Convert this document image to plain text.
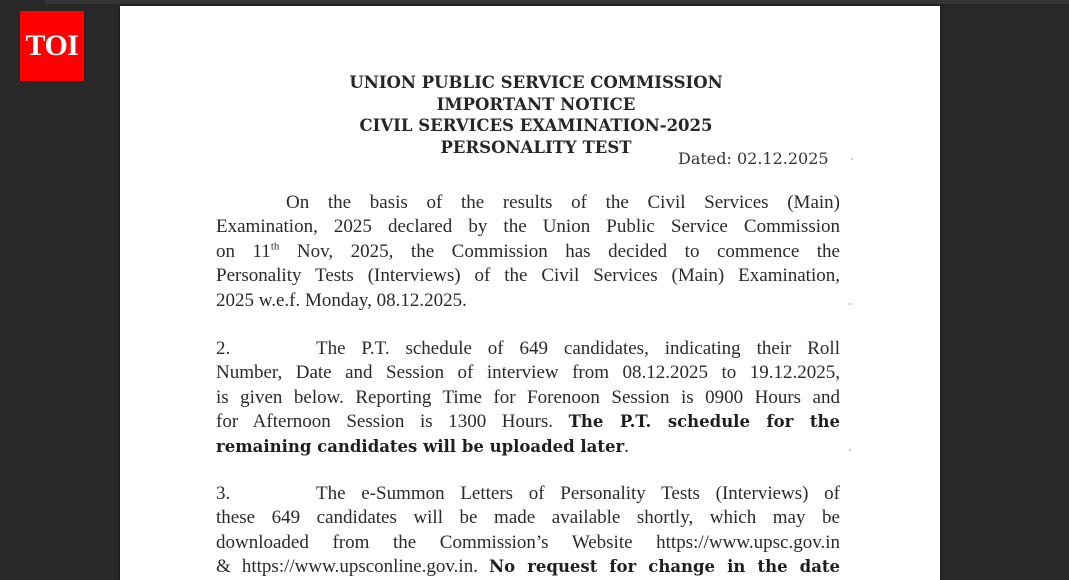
TOI
UNION PUBLIC SERVICE COMMISSION
IMPORTANT NOTICE
CIVIL SERVICES EXAMINATION-2025
PERSONALITY TEST
Dated: 02.12.2025
On the basis of the results of the Civil Services (Main)
Examination, 2025 declared by the Union Public Service Commission
on 11th Nov, 2025, the Commission has decided to commence the
Personality Tests (Interviews) of the Civil Services (Main) Examination,
2025 w.e.f. Monday, 08.12.2025.
2.	The P.T. schedule of 649 candidates, indicating their Roll
Number, Date and Session of interview from 08.12.2025 to 19.12.2025,
is given below. Reporting Time for Forenoon Session is 0900 Hours and
for Afternoon Session is 1300 Hours. The P.T. schedule for the
remaining candidates will be uploaded later.
3.	The e-Summon Letters of Personality Tests (Interviews) of
these 649 candidates will be made available shortly, which may be
downloaded from the Commission’s Website https://www.upsc.gov.in
& https://www.upsconline.gov.in. No request for change in the date
